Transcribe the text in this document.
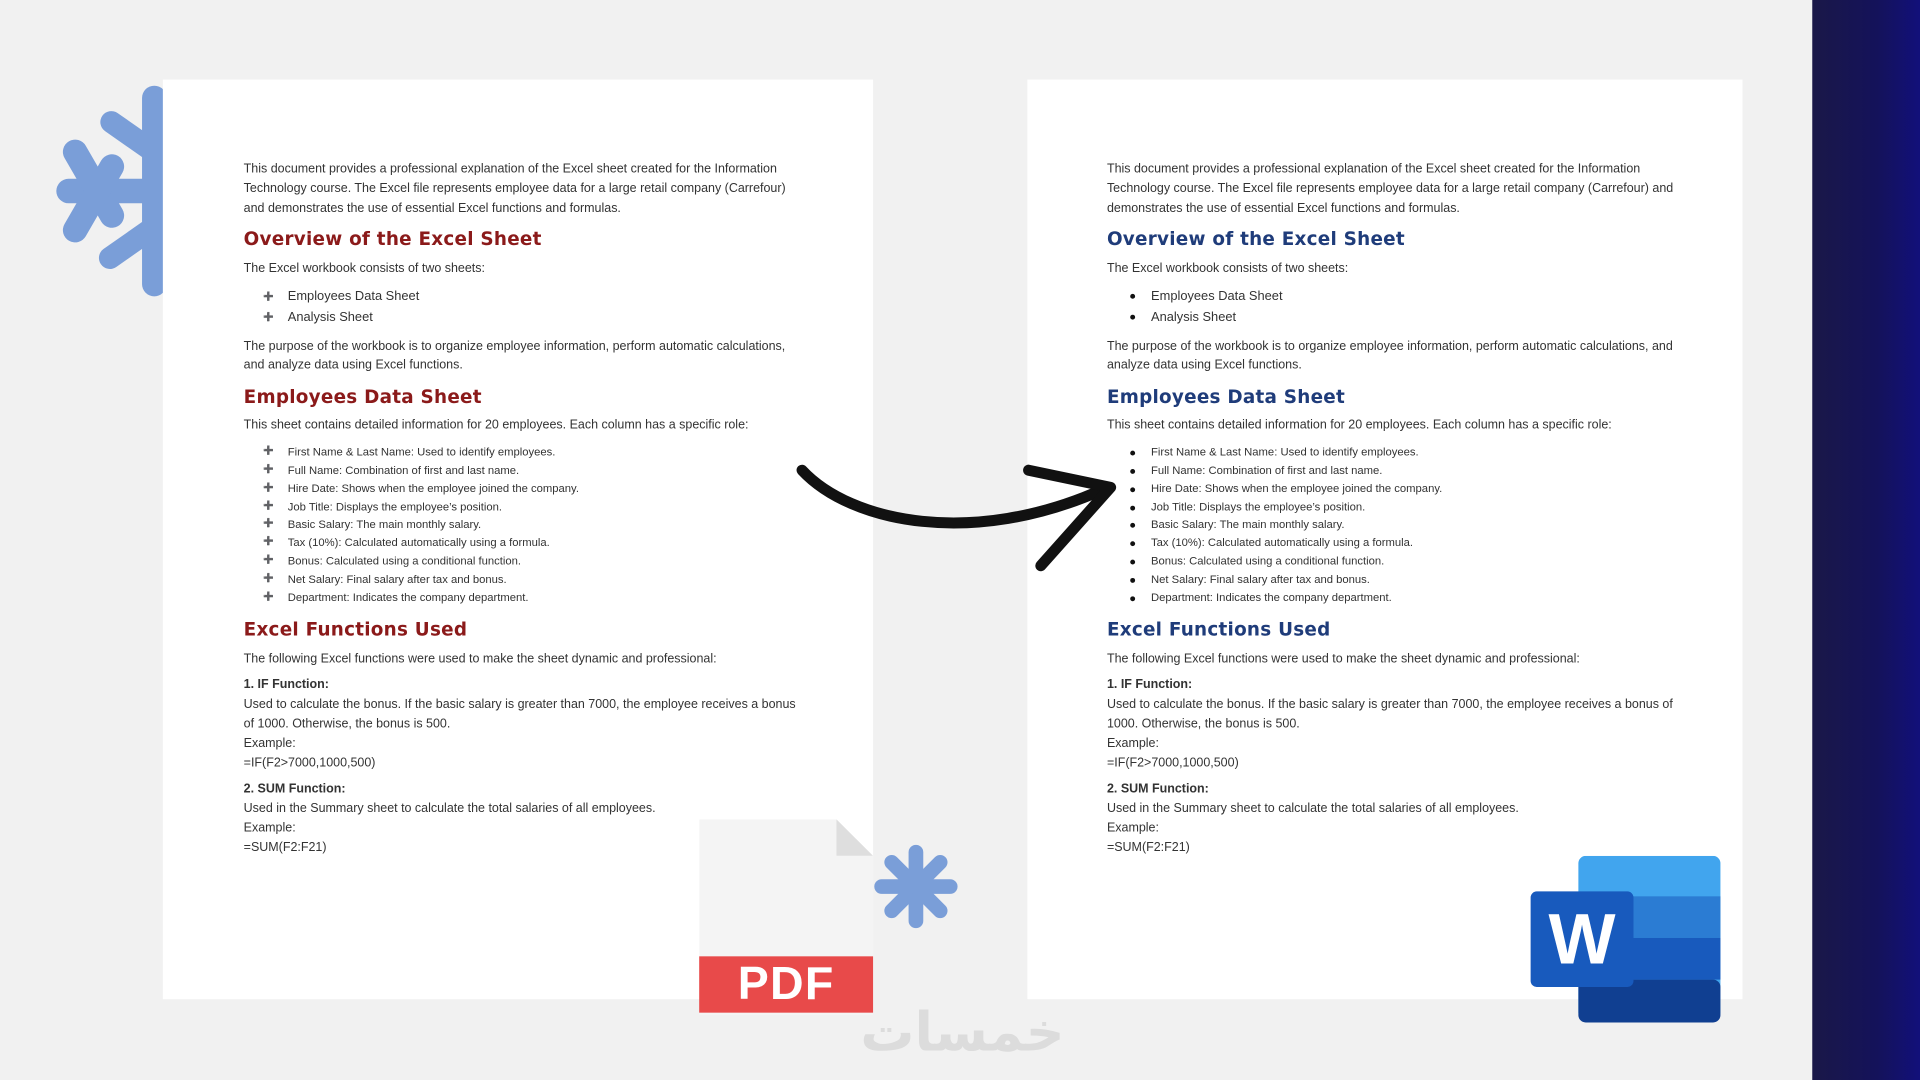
This document provides a professional explanation of the Excel sheet created for the Information Technology course. The Excel file represents employee data for a large retail company (Carrefour) and demonstrates the use of essential Excel functions and formulas.

Overview of the Excel Sheet

The Excel workbook consists of two sheets:

➕ Employees Data Sheet
➕ Analysis Sheet

The purpose of the workbook is to organize employee information, perform automatic calculations, and analyze data using Excel functions.

Employees Data Sheet

This sheet contains detailed information for 20 employees. Each column has a specific role:

➕ First Name & Last Name: Used to identify employees.
➕ Full Name: Combination of first and last name.
➕ Hire Date: Shows when the employee joined the company.
➕ Job Title: Displays the employee’s position.
➕ Basic Salary: The main monthly salary.
➕ Tax (10%): Calculated automatically using a formula.
➕ Bonus: Calculated using a conditional function.
➕ Net Salary: Final salary after tax and bonus.
➕ Department: Indicates the company department.
Excel Functions Used

The following Excel functions were used to make the sheet dynamic and professional:

1. IF Function:

Used to calculate the bonus. If the basic salary is greater than 7000, the employee receives a bonus of 1000. Otherwise, the bonus is 500.

Example:

=IF(F2>7000,1000,500)

2. SUM Function:

Used in the Summary sheet to calculate the total salaries of all employees.

Example:

=SUM(F2:F21)

This document provides a professional explanation of the Excel sheet created for the Information Technology course. The Excel file represents employee data for a large retail company (Carrefour) and demonstrates the use of essential Excel functions and formulas.

Overview of the Excel Sheet

The Excel workbook consists of two sheets:

Employees Data Sheet
Analysis Sheet

The purpose of the workbook is to organize employee information, perform automatic calculations, and analyze data using Excel functions.

Employees Data Sheet

This sheet contains detailed information for 20 employees. Each column has a specific role:

First Name & Last Name: Used to identify employees.
Full Name: Combination of first and last name.
Hire Date: Shows when the employee joined the company.
Job Title: Displays the employee’s position.
Basic Salary: The main monthly salary.
Tax (10%): Calculated automatically using a formula.
Bonus: Calculated using a conditional function.
Net Salary: Final salary after tax and bonus.
Department: Indicates the company department.
Excel Functions Used

The following Excel functions were used to make the sheet dynamic and professional:

1. IF Function:

Used to calculate the bonus. If the basic salary is greater than 7000, the employee receives a bonus of 1000. Otherwise, the bonus is 500.

Example:

=IF(F2>7000,1000,500)

2. SUM Function:

Used in the Summary sheet to calculate the total salaries of all employees.

Example:

=SUM(F2:F21)

PDF
W
خمسات
